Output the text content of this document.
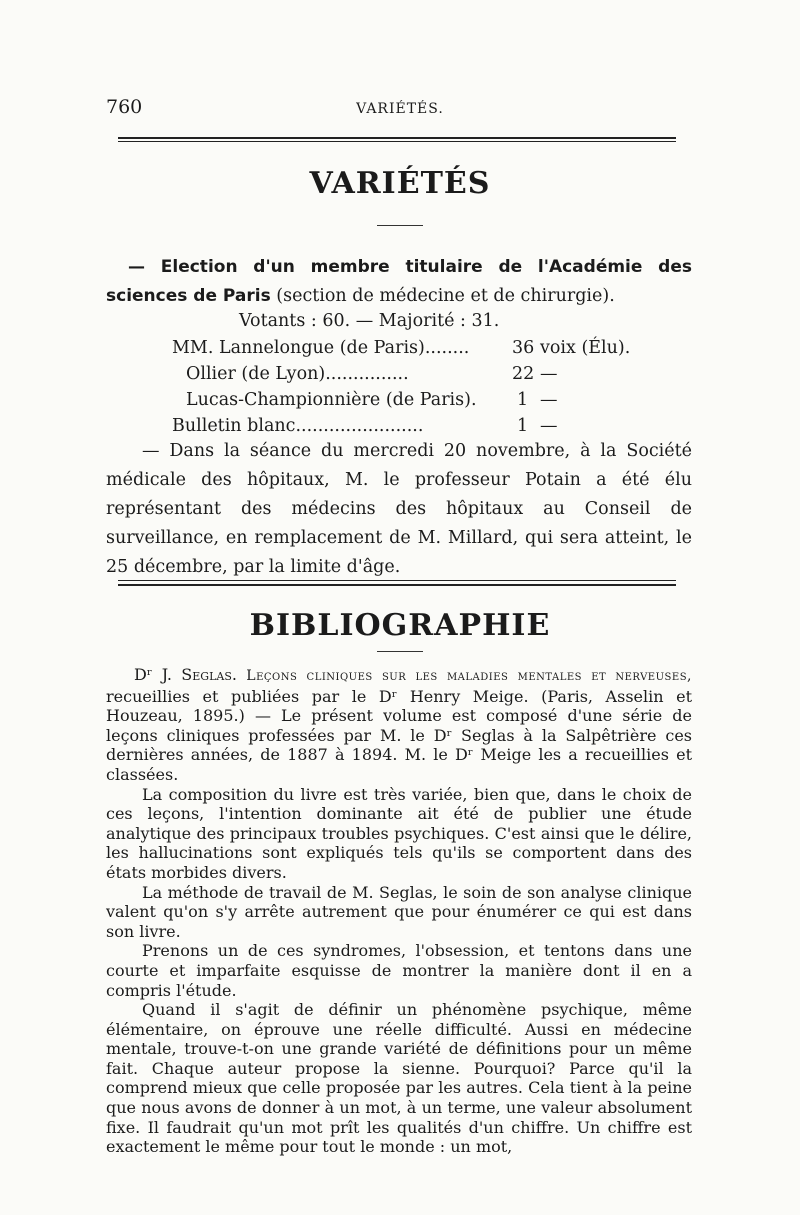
760	VARIÉTÉS.
VARIÉTÉS

— Election d'un membre titulaire de l'Académie des sciences de Paris (section de médecine et de chirurgie).

Votants : 60. — Majorité : 31.
MM. Lannelongue (de Paris)........ 36 voix (Élu).
Ollier (de Lyon)...............	22 —
Lucas-Championnière (de Paris). 1 —
Bulletin blanc.......................	1 —

— Dans la séance du mercredi 20 novembre, à la Société médicale des hôpitaux, M. le professeur Potain a été élu représentant des médecins des hôpitaux au Conseil de surveillance, en remplacement de M. Millard, qui sera atteint, le 25 décembre, par la limite d'âge.

BIBLIOGRAPHIE

Dʳ J. Seglas. Leçons cliniques sur les maladies mentales et nerveuses, recueillies et publiées par le Dʳ Henry Meige. (Paris, Asselin et Houzeau, 1895.) — Le présent volume est composé d'une série de leçons cliniques professées par M. le Dʳ Seglas à la Salpêtrière ces dernières années, de 1887 à 1894. M. le Dʳ Meige les a recueillies et classées.

La composition du livre est très variée, bien que, dans le choix de ces leçons, l'intention dominante ait été de publier une étude analytique des principaux troubles psychiques. C'est ainsi que le délire, les hallucinations sont expliqués tels qu'ils se comportent dans des états morbides divers.

La méthode de travail de M. Seglas, le soin de son analyse clinique valent qu'on s'y arrête autrement que pour énumérer ce qui est dans son livre.

Prenons un de ces syndromes, l'obsession, et tentons dans une courte et imparfaite esquisse de montrer la manière dont il en a compris l'étude.

Quand il s'agit de définir un phénomène psychique, même élémentaire, on éprouve une réelle difficulté. Aussi en médecine mentale, trouve-t-on une grande variété de définitions pour un même fait. Chaque auteur propose la sienne. Pourquoi? Parce qu'il la comprend mieux que celle proposée par les autres. Cela tient à la peine que nous avons de donner à un mot, à un terme, une valeur absolument fixe. Il faudrait qu'un mot prît les qualités d'un chiffre. Un chiffre est exactement le même pour tout le monde : un mot,
